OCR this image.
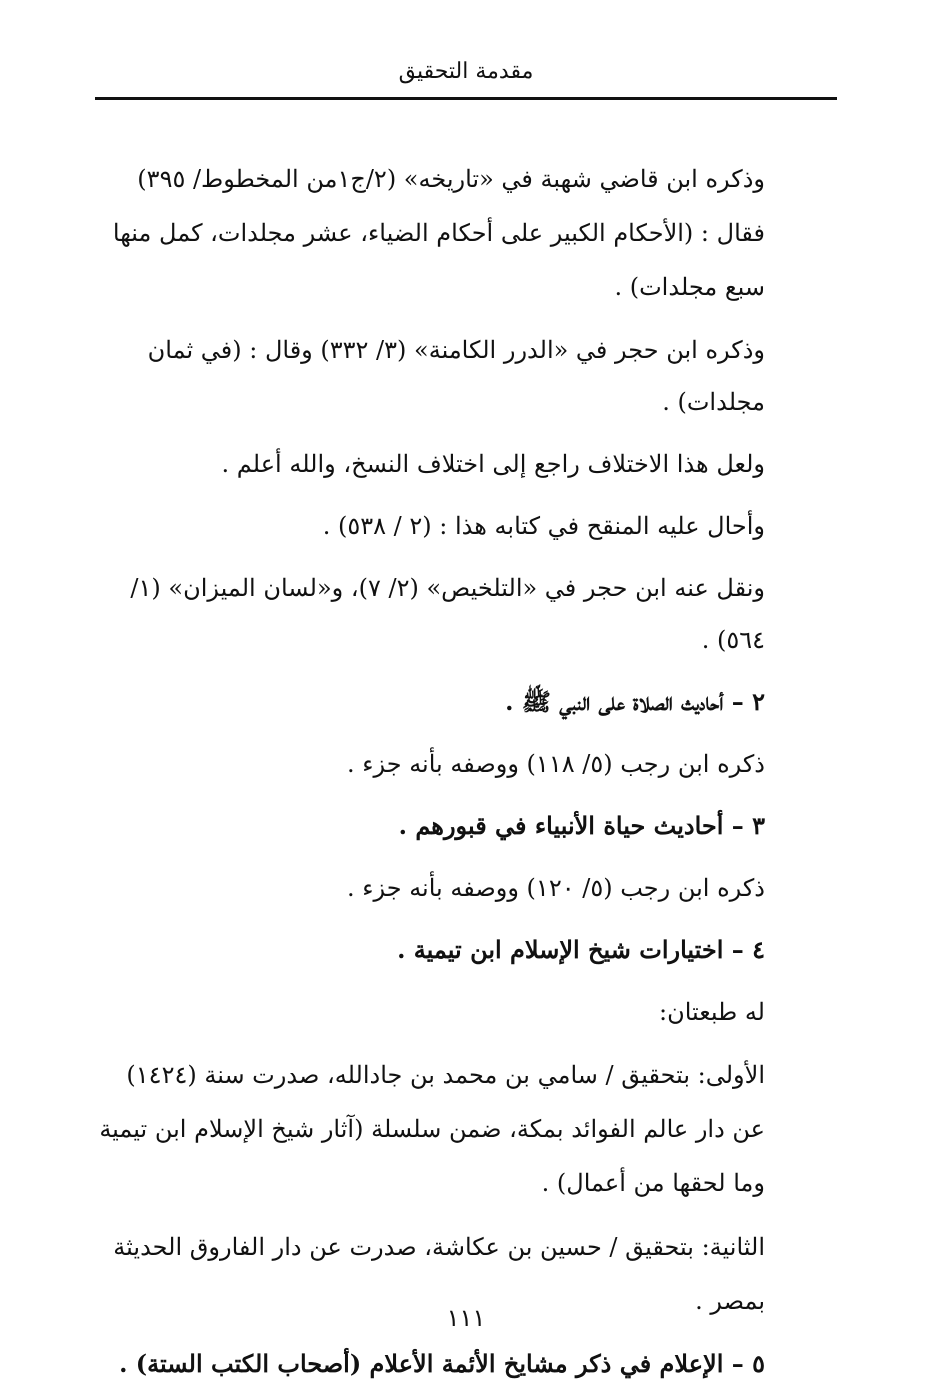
مقدمة التحقيق

وذكره ابن قاضي شهبة في «تاريخه» (٢/ج١من المخطوط/ ٣٩٥) فقال : (الأحكام الكبير على أحكام الضياء، عشر مجلدات، كمل منها سبع مجلدات) .

وذكره ابن حجر في «الدرر الكامنة» (٣/ ٣٣٢) وقال : (في ثمان مجلدات) .

ولعل هذا الاختلاف راجع إلى اختلاف النسخ، والله أعلم .

وأحال عليه المنقح في كتابه هذا : (٢ / ٥٣٨) .

ونقل عنه ابن حجر في «التلخيص» (٢/ ٧)، و«لسان الميزان» (١/ ٥٦٤) .

٢ – أحاديث الصلاة على النبي ﷺ .

ذكره ابن رجب (٥/ ١١٨) ووصفه بأنه جزء .

٣ – أحاديث حياة الأنبياء في قبورهم .

ذكره ابن رجب (٥/ ١٢٠) ووصفه بأنه جزء .

٤ – اختيارات شيخ الإسلام ابن تيمية .

له طبعتان:

الأولى: بتحقيق / سامي بن محمد بن جادالله، صدرت سنة (١٤٢٤) عن دار عالم الفوائد بمكة، ضمن سلسلة (آثار شيخ الإسلام ابن تيمية وما لحقها من أعمال) .

الثانية: بتحقيق / حسين بن عكاشة، صدرت عن دار الفاروق الحديثة بمصر .

٥ – الإعلام في ذكر مشايخ الأئمة الأعلام (أصحاب الكتب الستة) .

١١١
